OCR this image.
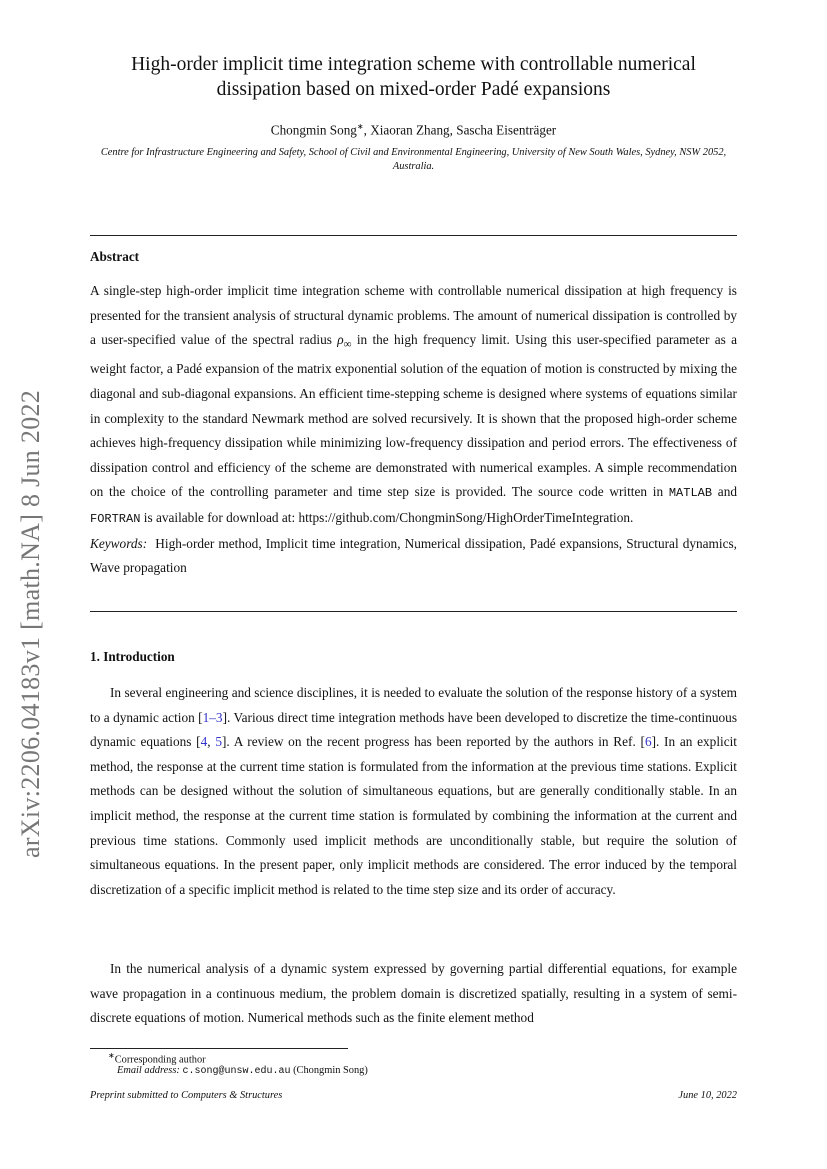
arXiv:2206.04183v1 [math.NA] 8 Jun 2022
High-order implicit time integration scheme with controllable numerical
dissipation based on mixed-order Padé expansions
Chongmin Song∗, Xiaoran Zhang, Sascha Eisenträger
Centre for Infrastructure Engineering and Safety, School of Civil and Environmental Engineering, University of New South Wales, Sydney, NSW 2052, Australia.
Abstract
A single-step high-order implicit time integration scheme with controllable numerical dissipation at high frequency is presented for the transient analysis of structural dynamic problems. The amount of numerical dissipation is controlled by a user-specified value of the spectral radius $\rho_\infty$ in the high frequency limit. Using this user-specified parameter as a weight factor, a Padé expansion of the matrix exponential solution of the equation of motion is constructed by mixing the diagonal and sub-diagonal expansions. An efficient time-stepping scheme is designed where systems of equations similar in complexity to the standard Newmark method are solved recursively. It is shown that the proposed high-order scheme achieves high-frequency dissipation while minimizing low-frequency dissipation and period errors. The effectiveness of dissipation control and efficiency of the scheme are demonstrated with numerical examples. A simple recommendation on the choice of the controlling parameter and time step size is provided. The source code written in MATLAB and FORTRAN is available for download at: https://github.com/ChongminSong/HighOrderTimeIntegration.
Keywords: High-order method, Implicit time integration, Numerical dissipation, Padé expansions, Structural dynamics, Wave propagation
1. Introduction
In several engineering and science disciplines, it is needed to evaluate the solution of the response history of a system to a dynamic action [1–3]. Various direct time integration methods have been developed to discretize the time-continuous dynamic equations [4, 5]. A review on the recent progress has been reported by the authors in Ref. [6]. In an explicit method, the response at the current time station is formulated from the information at the previous time stations. Explicit methods can be designed without the solution of simultaneous equations, but are generally conditionally stable. In an implicit method, the response at the current time station is formulated by combining the information at the current and previous time stations. Commonly used implicit methods are unconditionally stable, but require the solution of simultaneous equations. In the present paper, only implicit methods are considered. The error induced by the temporal discretization of a specific implicit method is related to the time step size and its order of accuracy.
In the numerical analysis of a dynamic system expressed by governing partial differential equations, for example wave propagation in a continuous medium, the problem domain is discretized spatially, resulting in a system of semi-discrete equations of motion. Numerical methods such as the finite element method
∗Corresponding author
Email address: c.song@unsw.edu.au (Chongmin Song)
Preprint submitted to Computers & Structures	June 10, 2022
